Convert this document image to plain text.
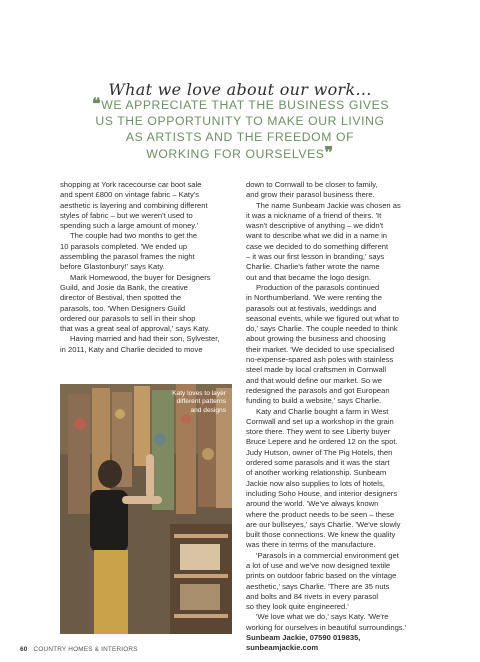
What we love about our work...
❝WE APPRECIATE THAT THE BUSINESS GIVES
US THE OPPORTUNITY TO MAKE OUR LIVING
AS ARTISTS AND THE FREEDOM OF
WORKING FOR OURSELVES❞
shopping at York racecourse car boot sale
and spent £800 on vintage fabric – Katy's
aesthetic is layering and combining different
styles of fabric – but we weren't used to
spending such a large amount of money.'
The couple had two months to get the
10 parasols completed. 'We ended up
assembling the parasol frames the night
before Glastonbury!' says Katy.
Mark Homewood, the buyer for Designers
Guild, and Josie da Bank, the creative
director of Bestival, then spotted the
parasols, too. 'When Designers Guild
ordered our parasols to sell in their shop
that was a great seal of approval,' says Katy.
Having married and had their son, Sylvester,
in 2011, Katy and Charlie decided to move
Katy loves to layer
different patterns
and designs
down to Cornwall to be closer to family,
and grow their parasol business there.
The name Sunbeam Jackie was chosen as
it was a nickname of a friend of theirs. 'It
wasn't descriptive of anything – we didn't
want to describe what we did in a name in
case we decided to do something different
– it was our first lesson in branding,' says
Charlie. Charlie's father wrote the name
out and that became the logo design.
Production of the parasols continued
in Northumberland. 'We were renting the
parasols out at festivals, weddings and
seasonal events, while we figured out what to
do,' says Charlie. The couple needed to think
about growing the business and choosing
their market. 'We decided to use specialised
no-expense-spared ash poles with stainless
steel made by local craftsmen in Cornwall
and that would define our market. So we
redesigned the parasols and got European
funding to build a website,' says Charlie.
Katy and Charlie bought a farm in West
Cornwall and set up a workshop in the grain
store there. They went to see Liberty buyer
Bruce Lepere and he ordered 12 on the spot.
Judy Hutson, owner of The Pig Hotels, then
ordered some parasols and it was the start
of another working relationship. Sunbeam
Jackie now also supplies to lots of hotels,
including Soho House, and interior designers
around the world. 'We've always known
where the product needs to be seen – these
are our bullseyes,' says Charlie. 'We've slowly
built those connections. We knew the quality
was there in terms of the manufacture.
'Parasols in a commercial environment get
a lot of use and we've now designed textile
prints on outdoor fabric based on the vintage
aesthetic,' says Charlie. 'There are 35 nuts
and bolts and 84 rivets in every parasol
so they look quite engineered.'
'We love what we do,' says Katy. 'We're
working for ourselves in beautiful surroundings.'
Sunbeam Jackie, 07590 019835,
sunbeamjackie.com
60 COUNTRY HOMES & INTERIORS
